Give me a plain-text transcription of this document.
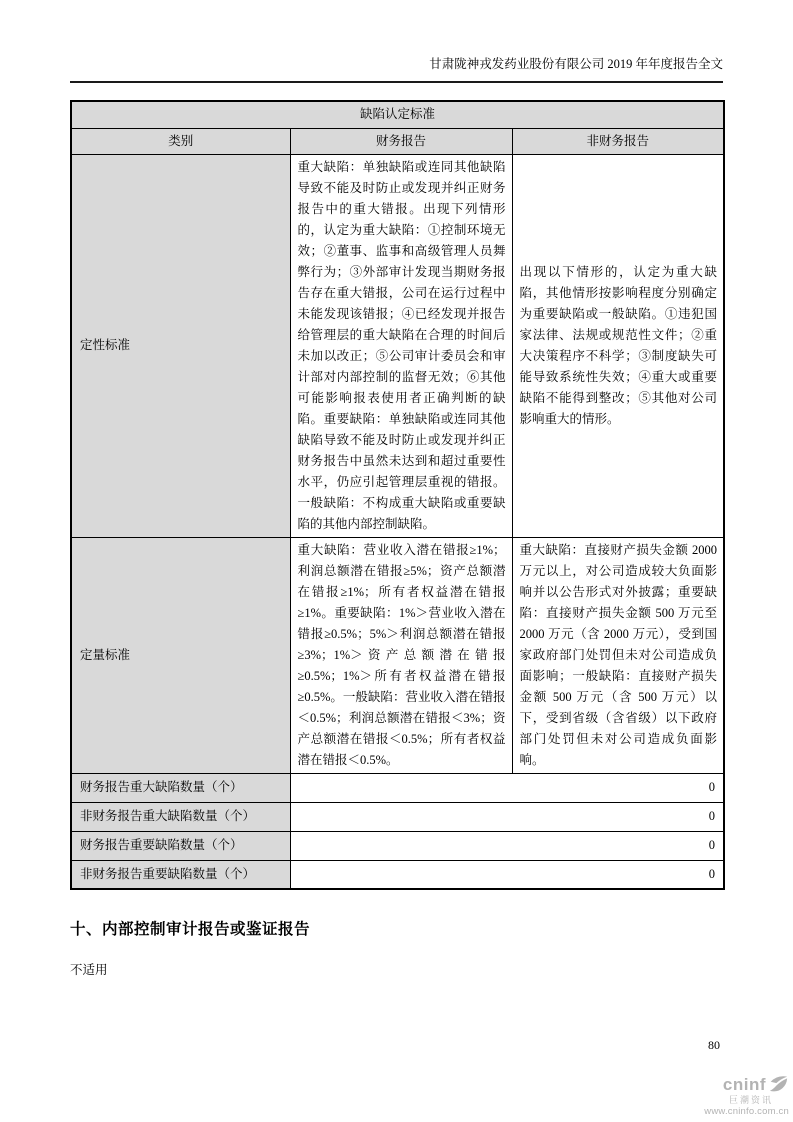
甘肃陇神戎发药业股份有限公司 2019 年年度报告全文
缺陷认定标准		
类别	财务报告	非财务报告
定性标准	重大缺陷：单独缺陷或连同其他缺陷导致不能及时防止或发现并纠正财务报告中的重大错报。出现下列情形的，认定为重大缺陷：①控制环境无效；②董事、监事和高级管理人员舞弊行为；③外部审计发现当期财务报告存在重大错报，公司在运行过程中未能发现该错报；④已经发现并报告给管理层的重大缺陷在合理的时间后未加以改正；⑤公司审计委员会和审计部对内部控制的监督无效；⑥其他可能影响报表使用者正确判断的缺陷。重要缺陷：单独缺陷或连同其他缺陷导致不能及时防止或发现并纠正财务报告中虽然未达到和超过重要性水平，仍应引起管理层重视的错报。一般缺陷：不构成重大缺陷或重要缺陷的其他内部控制缺陷。	出现以下情形的，认定为重大缺陷，其他情形按影响程度分别确定为重要缺陷或一般缺陷。①违犯国家法律、法规或规范性文件；②重大决策程序不科学；③制度缺失可能导致系统性失效；④重大或重要缺陷不能得到整改；⑤其他对公司影响重大的情形。
定量标准	重大缺陷：营业收入潜在错报≥1%；利润总额潜在错报≥5%；资产总额潜在错报≥1%；所有者权益潜在错报≥1%。重要缺陷：1%＞营业收入潜在错报≥0.5%；5%＞利润总额潜在错报≥3%；1%＞资产总额潜在错报≥0.5%；1%＞所有者权益潜在错报≥0.5%。一般缺陷：营业收入潜在错报＜0.5%；利润总额潜在错报＜3%；资产总额潜在错报＜0.5%；所有者权益潜在错报＜0.5%。	重大缺陷：直接财产损失金额 2000 万元以上，对公司造成较大负面影响并以公告形式对外披露；重要缺陷：直接财产损失金额 500 万元至 2000 万元（含 2000 万元），受到国家政府部门处罚但未对公司造成负面影响；一般缺陷：直接财产损失金额 500 万元（含 500 万元）以下，受到省级（含省级）以下政府部门处罚但未对公司造成负面影响。
财务报告重大缺陷数量（个）	0	
非财务报告重大缺陷数量（个）	0	
财务报告重要缺陷数量（个）	0	
非财务报告重要缺陷数量（个）	0	
十、内部控制审计报告或鉴证报告
不适用
80
cninf
巨潮资讯
www.cninfo.com.cn
